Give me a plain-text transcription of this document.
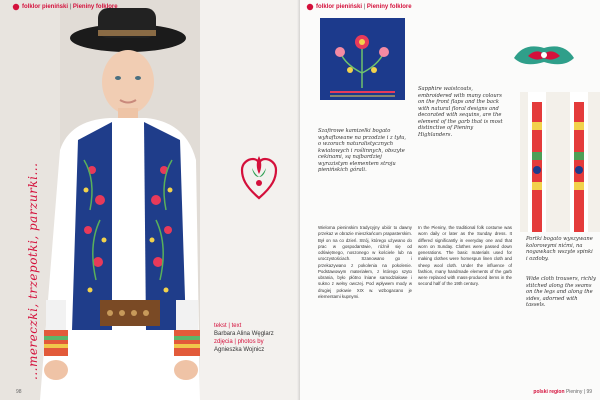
...mereczki, trzepotki, parzurki...
folklor pieniński | Pieniny folklore
tekst | text
Barbara Alina Węglarz
zdjęcia | photos by
Agnieszka Wojnicz
98
folklor pieniński | Pieniny folklore
Szafirowe kamizelki bogato wyhaftowane na przodzie i z tyłu, o wzorach naturalistycznych kwiatowych i roślinnych, obszyte cekinami, są najbardziej wyrazistym elementem stroju pienińskich górali.
Sapphire waistcoats, embroidered with many colours on the front flaps and the back with natural floral designs and decorated with sequins, are the element of the garb that is most distinctive of Pieniny Highlanders.
Portki bogato wyszywane kolorowymi nićmi, na nogawkach wszyte spinki i ozdoby.
Wide cloth trousers, richly stitched along the seams on the legs and along the sides, adorned with tassels.
Wieloma pieninskim tradycyjny ubiór to dawny przekaz w obrazie mieszkańcom prapasterskim. Był on na co dzień. Strój, którego używano do prac w gospodarstwie, różnił się od odświętnego, noszonego w kościele lub na uroczystościach. Szanowano go i przekazywano z pokolenia na pokolenie. Podstawowym materiałem, z którego szyto ubrania, było płótno lniane samodziałowe i sukno z wełny owczej. Pod wpływem mody w drugiej połowie XIX w. wzbogacano je elementami kupnymi.
In the Pieniny, the traditional folk costume was worn daily or later as the Sunday dress. It differed significantly in everyday one and that worn on Sunday. Clothes were passed down generations. The basic materials used for making clothes were homespun linen cloth and sheep wool cloth. Under the influence of fashion, many handmade elements of the garb were replaced with mass-produced items in the second half of the 19th century.
polski region Pieniny | 99
